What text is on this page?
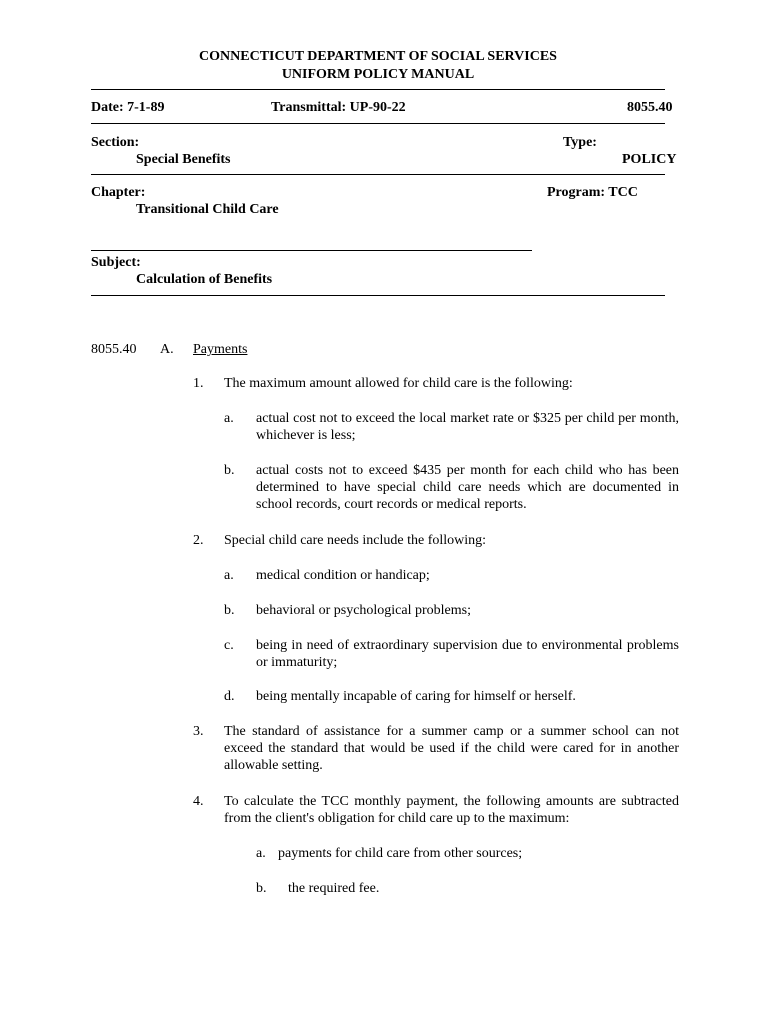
CONNECTICUT DEPARTMENT OF SOCIAL SERVICES
UNIFORM POLICY MANUAL
Date: 7-1-89	Transmittal: UP-90-22	8055.40
Section:
Special Benefits
Type:
POLICY
Chapter:
Transitional Child Care
Program: TCC
Subject:
Calculation of Benefits
8055.40 A. Payments
1. The maximum amount allowed for child care is the following:
a. actual cost not to exceed the local market rate or $325 per child per month, whichever is less;
b. actual costs not to exceed $435 per month for each child who has been determined to have special child care needs which are documented in school records, court records or medical reports.
2. Special child care needs include the following:
a. medical condition or handicap;
b. behavioral or psychological problems;
c. being in need of extraordinary supervision due to environmental problems or immaturity;
d. being mentally incapable of caring for himself or herself.
3. The standard of assistance for a summer camp or a summer school can not exceed the standard that would be used if the child were cared for in another allowable setting.
4. To calculate the TCC monthly payment, the following amounts are subtracted from the client's obligation for child care up to the maximum:
a. payments for child care from other sources;
b. the required fee.
